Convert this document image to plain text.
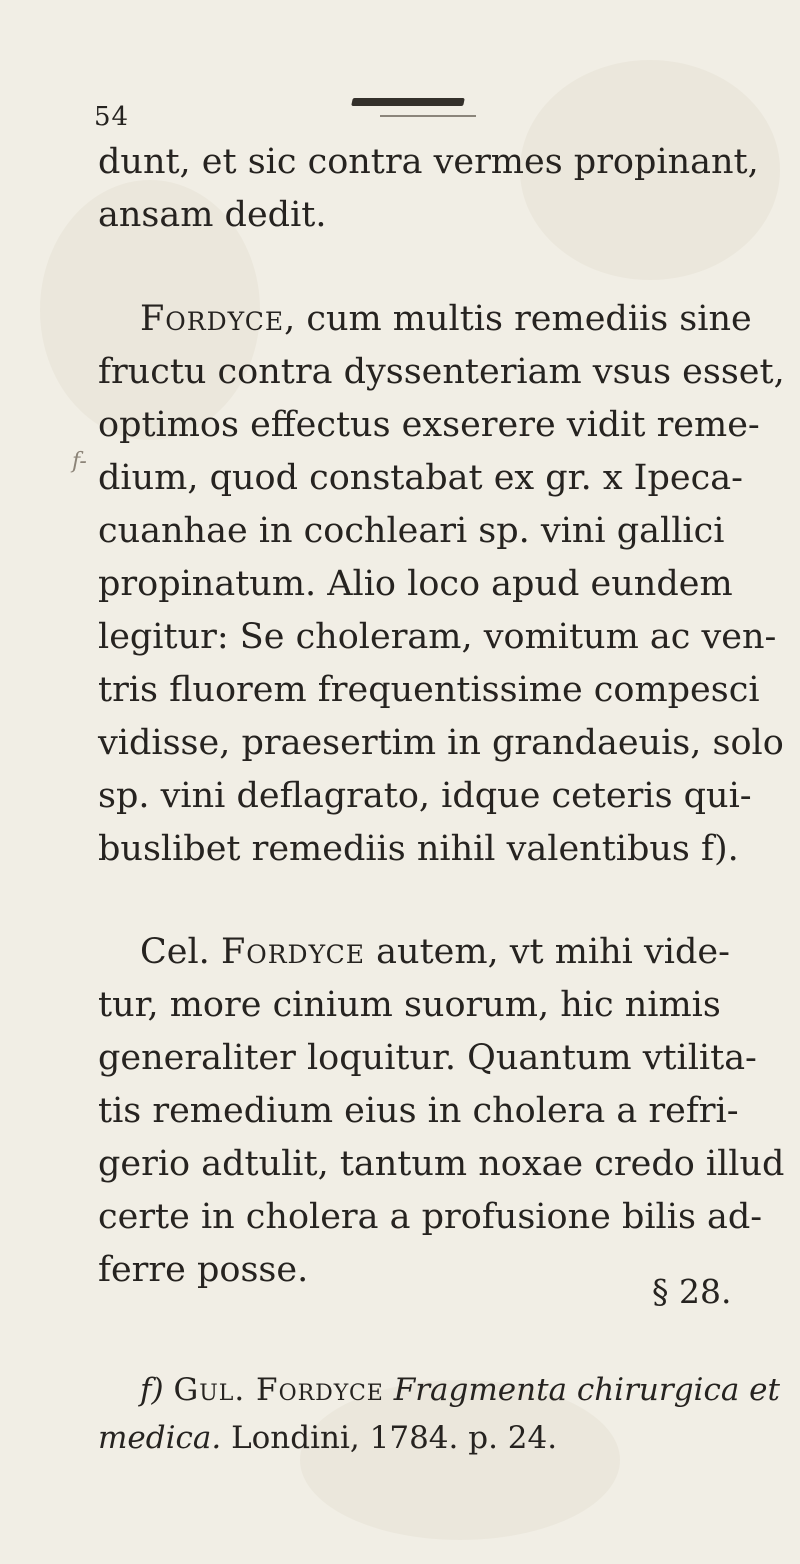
54
f-
dunt, et sic contra vermes propinant,
ansam dedit.
Fordyce, cum multis remediis sine
fructu contra dyssenteriam vsus esset,
optimos effectus exserere vidit reme-
dium, quod constabat ex gr. x Ipeca-
cuanhae in cochleari sp. vini gallici
propinatum. Alio loco apud eundem
legitur: Se choleram, vomitum ac ven-
tris fluorem frequentissime compesci
vidisse, praesertim in grandaeuis, solo
sp. vini deflagrato, idque ceteris qui-
buslibet remediis nihil valentibus f).
Cel. Fordyce autem, vt mihi vide-
tur, more cinium suorum, hic nimis
generaliter loquitur. Quantum vtilita-
tis remedium eius in cholera a refri-
gerio adtulit, tantum noxae credo illud
certe in cholera a profusione bilis ad-
ferre posse.
§ 28.
f) Gul. Fordyce Fragmenta chirurgica et
medica. Londini, 1784. p. 24.
